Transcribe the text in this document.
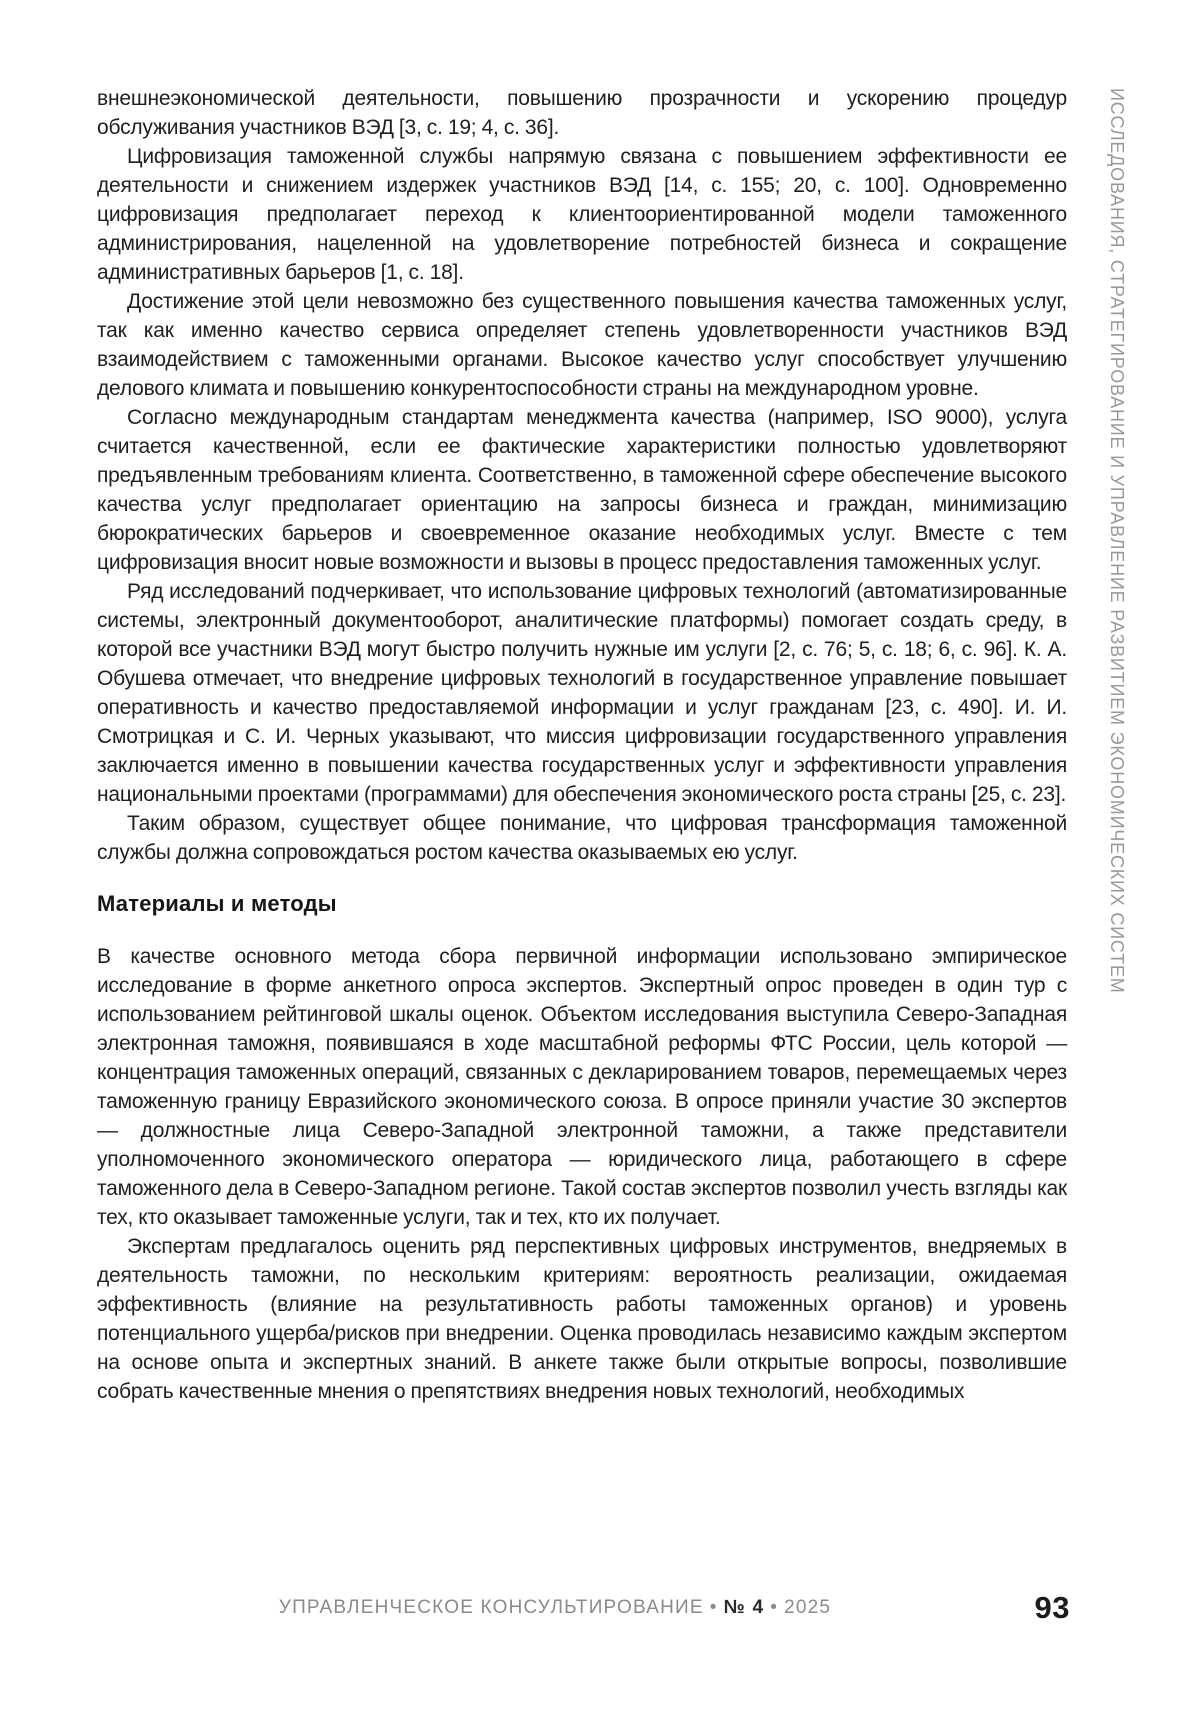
ИССЛЕДОВАНИЯ, СТРАТЕГИРОВАНИЕ И УПРАВЛЕНИЕ РАЗВИТИЕМ ЭКОНОМИЧЕСКИХ СИСТЕМ

внешнеэкономической деятельности, повышению прозрачности и ускорению процедур обслуживания участников ВЭД [3, с. 19; 4, с. 36].

Цифровизация таможенной службы напрямую связана с повышением эффективности ее деятельности и снижением издержек участников ВЭД [14, с. 155; 20, с. 100]. Одновременно цифровизация предполагает переход к клиентоориентированной модели таможенного администрирования, нацеленной на удовлетворение потребностей бизнеса и сокращение административных барьеров [1, с. 18].

Достижение этой цели невозможно без существенного повышения качества таможенных услуг, так как именно качество сервиса определяет степень удовлетворенности участников ВЭД взаимодействием с таможенными органами. Высокое качество услуг способствует улучшению делового климата и повышению конкурентоспособности страны на международном уровне.

Согласно международным стандартам менеджмента качества (например, ISO 9000), услуга считается качественной, если ее фактические характеристики полностью удовлетворяют предъявленным требованиям клиента. Соответственно, в таможенной сфере обеспечение высокого качества услуг предполагает ориентацию на запросы бизнеса и граждан, минимизацию бюрократических барьеров и своевременное оказание необходимых услуг. Вместе с тем цифровизация вносит новые возможности и вызовы в процесс предоставления таможенных услуг.

Ряд исследований подчеркивает, что использование цифровых технологий (автоматизированные системы, электронный документооборот, аналитические платформы) помогает создать среду, в которой все участники ВЭД могут быстро получить нужные им услуги [2, с. 76; 5, с. 18; 6, с. 96]. К. А. Обушева отмечает, что внедрение цифровых технологий в государственное управление повышает оперативность и качество предоставляемой информации и услуг гражданам [23, с. 490]. И. И. Смотрицкая и С. И. Черных указывают, что миссия цифровизации государственного управления заключается именно в повышении качества государственных услуг и эффективности управления национальными проектами (программами) для обеспечения экономического роста страны [25, с. 23].

Таким образом, существует общее понимание, что цифровая трансформация таможенной службы должна сопровождаться ростом качества оказываемых ею услуг.

Материалы и методы

В качестве основного метода сбора первичной информации использовано эмпирическое исследование в форме анкетного опроса экспертов. Экспертный опрос проведен в один тур с использованием рейтинговой шкалы оценок. Объектом исследования выступила Северо-Западная электронная таможня, появившаяся в ходе масштабной реформы ФТС России, цель которой — концентрация таможенных операций, связанных с декларированием товаров, перемещаемых через таможенную границу Евразийского экономического союза. В опросе приняли участие 30 экспертов — должностные лица Северо-Западной электронной таможни, а также представители уполномоченного экономического оператора — юридического лица, работающего в сфере таможенного дела в Северо-Западном регионе. Такой состав экспертов позволил учесть взгляды как тех, кто оказывает таможенные услуги, так и тех, кто их получает.

Экспертам предлагалось оценить ряд перспективных цифровых инструментов, внедряемых в деятельность таможни, по нескольким критериям: вероятность реализации, ожидаемая эффективность (влияние на результативность работы таможенных органов) и уровень потенциального ущерба/рисков при внедрении. Оценка проводилась независимо каждым экспертом на основе опыта и экспертных знаний. В анкете также были открытые вопросы, позволившие собрать качественные мнения о препятствиях внедрения новых технологий, необходимых

УПРАВЛЕНЧЕСКОЕ КОНСУЛЬТИРОВАНИЕ • № 4 • 2025	93
